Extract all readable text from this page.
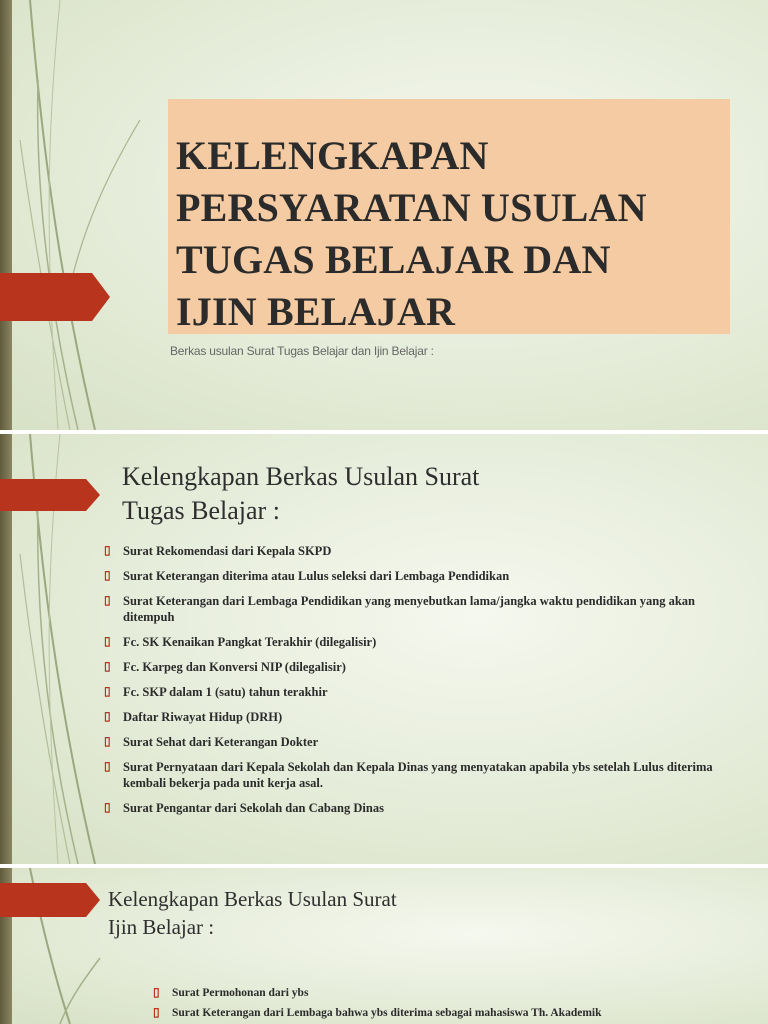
KELENGKAPAN
PERSYARATAN USULAN
TUGAS BELAJAR DAN
IJIN BELAJAR
Berkas usulan Surat Tugas Belajar dan Ijin Belajar :
Kelengkapan Berkas Usulan Surat
Tugas Belajar :
▯ Surat Rekomendasi dari Kepala SKPD
▯ Surat Keterangan diterima atau Lulus seleksi dari Lembaga Pendidikan
▯ Surat Keterangan dari Lembaga Pendidikan yang menyebutkan lama/jangka waktu pendidikan yang akan ditempuh
▯ Fc. SK Kenaikan Pangkat Terakhir (dilegalisir)
▯ Fc. Karpeg dan Konversi NIP (dilegalisir)
▯ Fc. SKP dalam 1 (satu) tahun terakhir
▯ Daftar Riwayat Hidup (DRH)
▯ Surat Sehat dari Keterangan Dokter
▯ Surat Pernyataan dari Kepala Sekolah dan Kepala Dinas yang menyatakan apabila ybs setelah Lulus diterima kembali bekerja pada unit kerja asal.
▯ Surat Pengantar dari Sekolah dan Cabang Dinas
Kelengkapan Berkas Usulan Surat
Ijin Belajar :
▯ Surat Permohonan dari ybs
▯ Surat Keterangan dari Lembaga bahwa ybs diterima sebagai mahasiswa Th. Akademik
